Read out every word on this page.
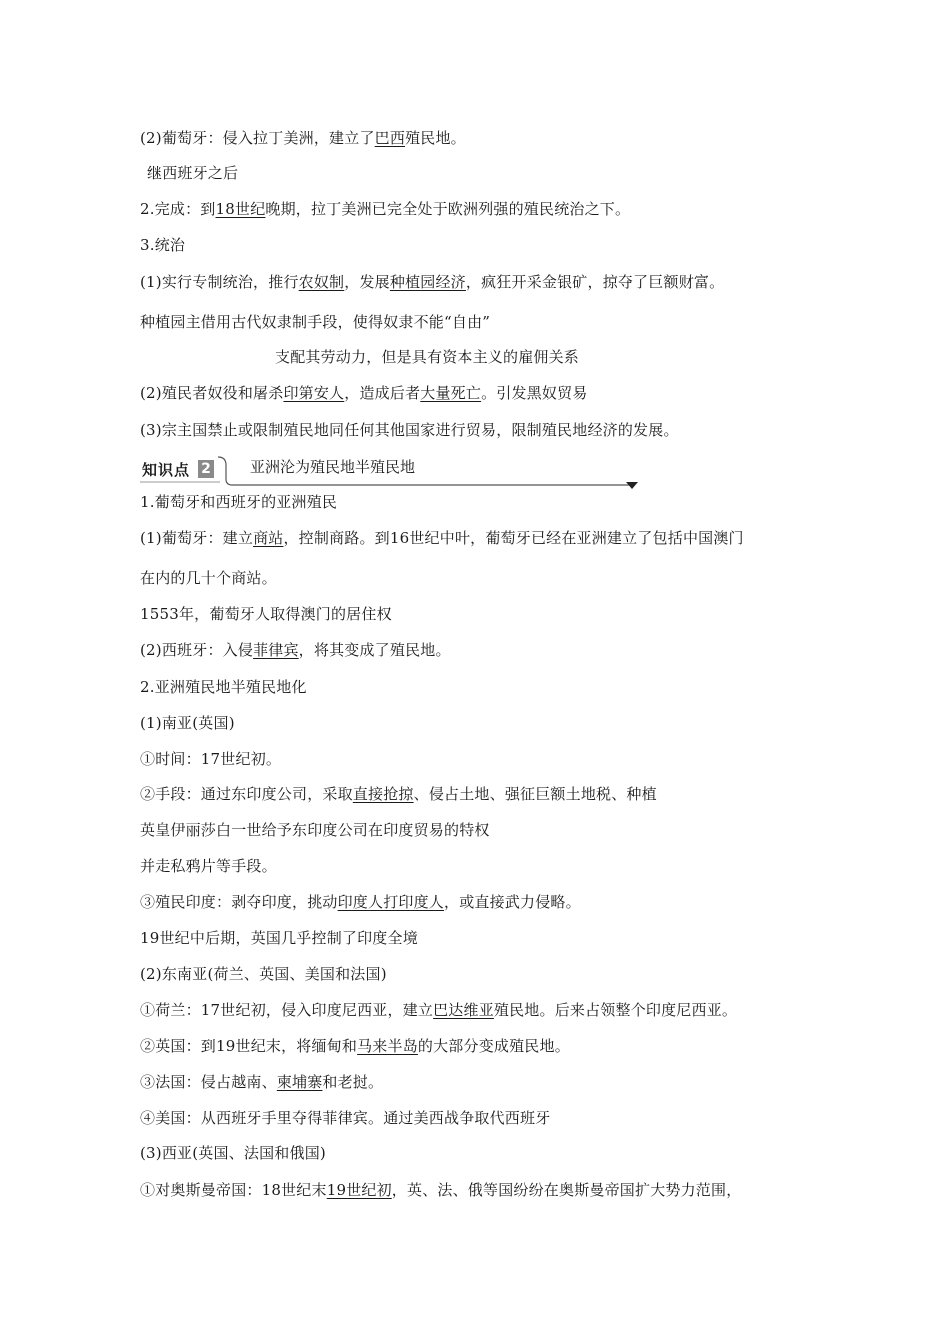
(2)葡萄牙：侵入拉丁美洲，建立了巴西殖民地。
继西班牙之后
2.完成：到18世纪晚期，拉丁美洲已完全处于欧洲列强的殖民统治之下。
3.统治
(1)实行专制统治，推行农奴制，发展种植园经济，疯狂开采金银矿，掠夺了巨额财富。
种植园主借用古代奴隶制手段，使得奴隶不能“自由”
支配其劳动力，但是具有资本主义的雇佣关系
(2)殖民者奴役和屠杀印第安人，造成后者大量死亡。引发黑奴贸易
(3)宗主国禁止或限制殖民地同任何其他国家进行贸易，限制殖民地经济的发展。
知识点 2	亚洲沦为殖民地半殖民地
1.葡萄牙和西班牙的亚洲殖民
(1)葡萄牙：建立商站，控制商路。到16世纪中叶，葡萄牙已经在亚洲建立了包括中国澳门
在内的几十个商站。
1553年，葡萄牙人取得澳门的居住权
(2)西班牙：入侵菲律宾，将其变成了殖民地。
2.亚洲殖民地半殖民地化
(1)南亚(英国)
①时间：17世纪初。
②手段：通过东印度公司，采取直接抢掠、侵占土地、强征巨额土地税、种植
英皇伊丽莎白一世给予东印度公司在印度贸易的特权
并走私鸦片等手段。
③殖民印度：剥夺印度，挑动印度人打印度人，或直接武力侵略。
19世纪中后期，英国几乎控制了印度全境
(2)东南亚(荷兰、英国、美国和法国)
①荷兰：17世纪初，侵入印度尼西亚，建立巴达维亚殖民地。后来占领整个印度尼西亚。
②英国：到19世纪末，将缅甸和马来半岛的大部分变成殖民地。
③法国：侵占越南、柬埔寨和老挝。
④美国：从西班牙手里夺得菲律宾。通过美西战争取代西班牙
(3)西亚(英国、法国和俄国)
①对奥斯曼帝国：18世纪末19世纪初，英、法、俄等国纷纷在奥斯曼帝国扩大势力范围，
